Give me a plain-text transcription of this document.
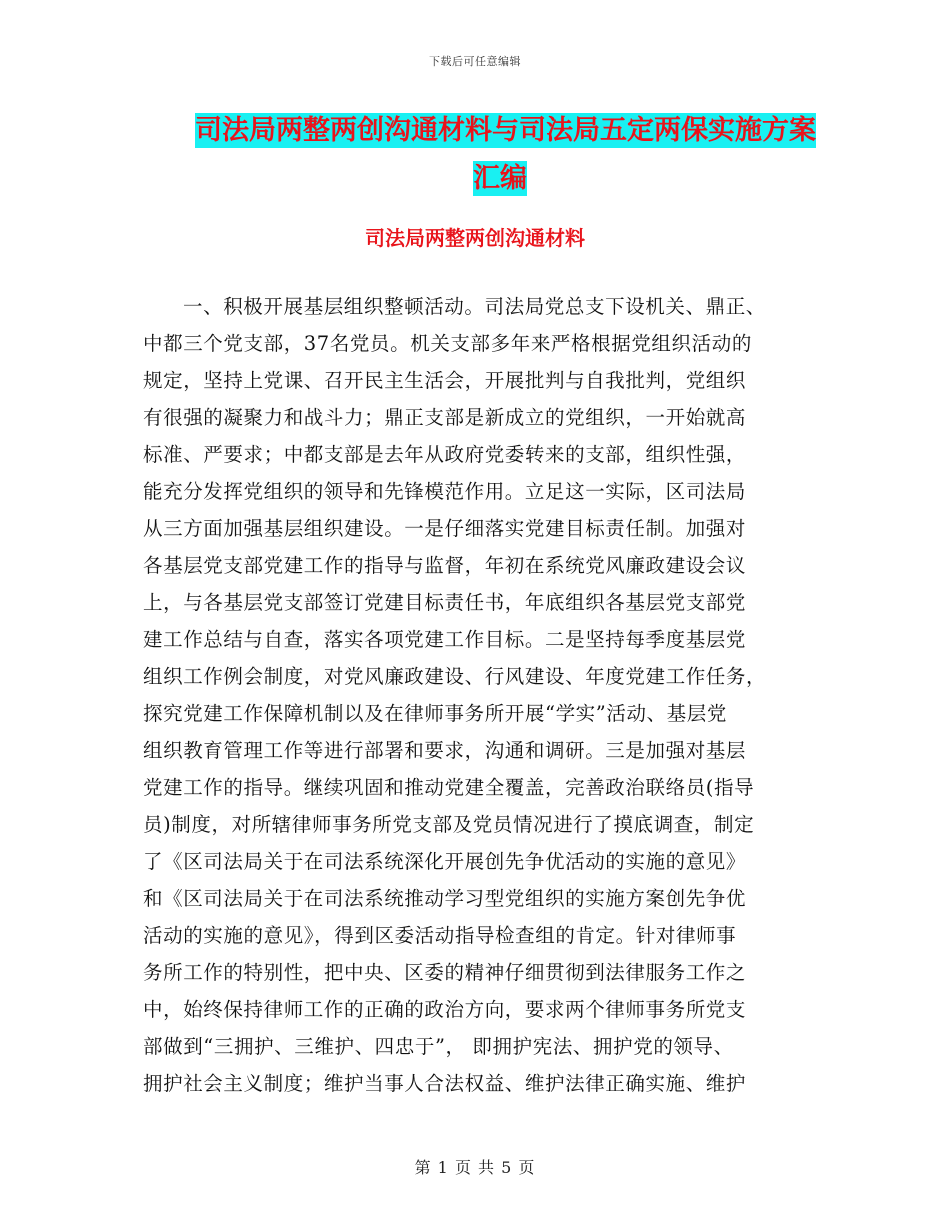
下载后可任意编辑
司法局两整两创沟通材料与司法局五定两保实施方案
汇编
司法局两整两创沟通材料
一、积极开展基层组织整顿活动。司法局党总支下设机关、鼎正、
中都三个党支部，37名党员。机关支部多年来严格根据党组织活动的
规定，坚持上党课、召开民主生活会，开展批判与自我批判，党组织
有很强的凝聚力和战斗力；鼎正支部是新成立的党组织，一开始就高
标准、严要求；中都支部是去年从政府党委转来的支部，组织性强，
能充分发挥党组织的领导和先锋模范作用。立足这一实际，区司法局
从三方面加强基层组织建设。一是仔细落实党建目标责任制。加强对
各基层党支部党建工作的指导与监督，年初在系统党风廉政建设会议
上，与各基层党支部签订党建目标责任书，年底组织各基层党支部党
建工作总结与自查，落实各项党建工作目标。二是坚持每季度基层党
组织工作例会制度，对党风廉政建设、行风建设、年度党建工作任务，
探究党建工作保障机制以及在律师事务所开展“学实”活动、基层党
组织教育管理工作等进行部署和要求，沟通和调研。三是加强对基层
党建工作的指导。继续巩固和推动党建全覆盖，完善政治联络员(指导
员)制度，对所辖律师事务所党支部及党员情况进行了摸底调查，制定
了《区司法局关于在司法系统深化开展创先争优活动的实施的意见》
和《区司法局关于在司法系统推动学习型党组织的实施方案创先争优
活动的实施的意见》，得到区委活动指导检查组的肯定。针对律师事
务所工作的特别性，把中央、区委的精神仔细贯彻到法律服务工作之
中，始终保持律师工作的正确的政治方向，要求两个律师事务所党支
部做到“三拥护、三维护、四忠于”， 即拥护宪法、拥护党的领导、
拥护社会主义制度；维护当事人合法权益、维护法律正确实施、维护
第 1 页 共 5 页
